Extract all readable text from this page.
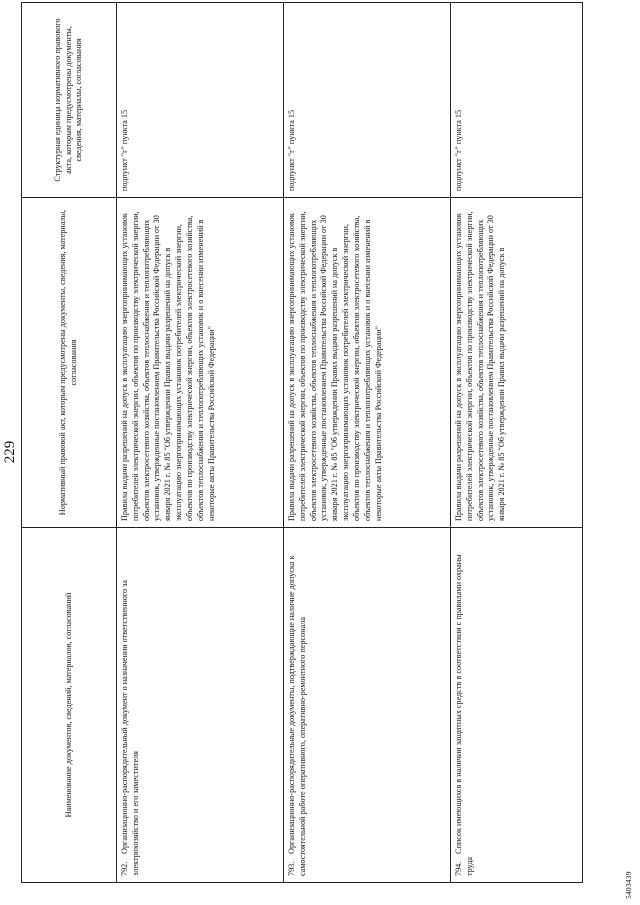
229
Наименование документов, сведений, материалов, согласований	Нормативный правовой акт, которым предусмотрены документы, сведения, материалы, согласования	Структурная единица нормативного правового акта, которым предусмотрены документы, сведения, материалы, согласования
792. Организационно-распорядительный документ о назначении ответственного за электрохозяйство и его заместителя	Правила выдачи разрешений на допуск в эксплуатацию энергопринимающих установок потребителей электрической энергии, объектов по производству электрической энергии, объектов электросетевого хозяйства, объектов теплоснабжения и теплопотребляющих установок, утвержденные постановлением Правительства Российской Федерации от 30 января 2021 г. № 85 "Об утверждении Правил выдачи разрешений на допуск в эксплуатацию энергопринимающих установок потребителей электрической энергии, объектов по производству электрической энергии, объектов электросетевого хозяйства, объектов теплоснабжения и теплопотребляющих установок и о внесении изменений в некоторые акты Правительства Российской Федерации"	подпункт "г" пункта 15
793. Организационно-распорядительные документы, подтверждающие наличие допуска к самостоятельной работе оперативного, оперативно-ремонтного персонала	Правила выдачи разрешений на допуск в эксплуатацию энергопринимающих установок потребителей электрической энергии, объектов по производству электрической энергии, объектов электросетевого хозяйства, объектов теплоснабжения и теплопотребляющих установок, утвержденные постановлением Правительства Российской Федерации от 30 января 2021 г. № 85 "Об утверждении Правил выдачи разрешений на допуск в эксплуатацию энергопринимающих установок потребителей электрической энергии, объектов по производству электрической энергии, объектов электросетевого хозяйства, объектов теплоснабжения и теплопотребляющих установок и о внесении изменений в некоторые акты Правительства Российской Федерации"	подпункт "г" пункта 15
794. Список имеющихся в наличии защитных средств в соответствии с правилами охраны труда	Правила выдачи разрешений на допуск в эксплуатацию энергопринимающих установок потребителей электрической энергии, объектов по производству электрической энергии, объектов электросетевого хозяйства, объектов теплоснабжения и теплопотребляющих установок, утвержденные постановлением Правительства Российской Федерации от 30 января 2021 г. № 85 "Об утверждении Правил выдачи разрешений на допуск в	подпункт "г" пункта 15
5403439
